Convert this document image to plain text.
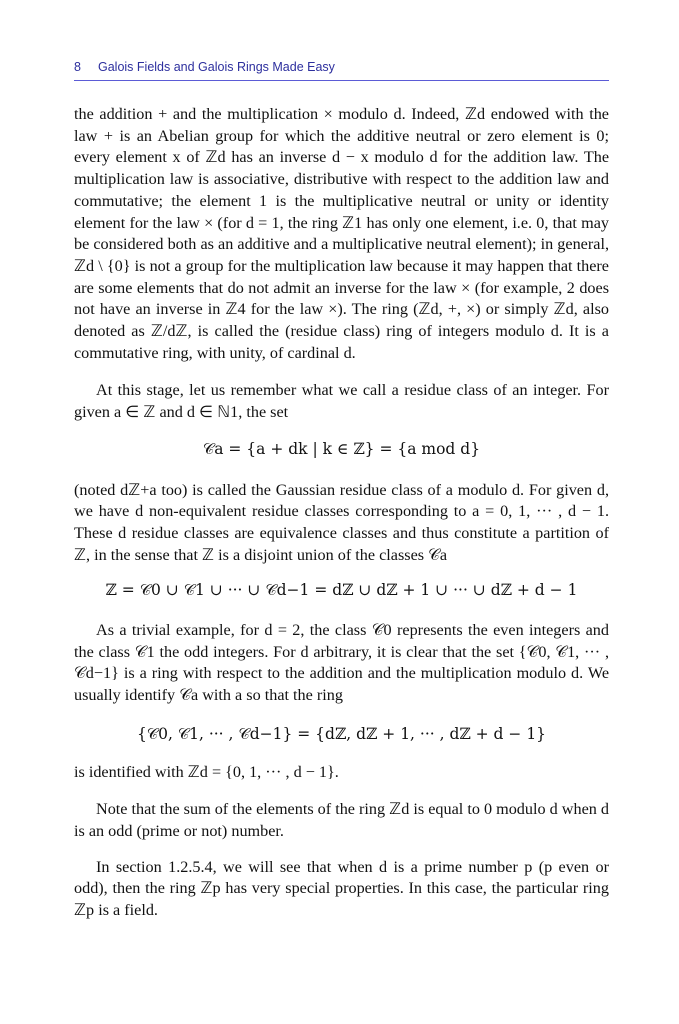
8 Galois Fields and Galois Rings Made Easy

the addition + and the multiplication × modulo d. Indeed, ℤd endowed with the law + is an Abelian group for which the additive neutral or zero element is 0; every element x of ℤd has an inverse d − x modulo d for the addition law. The multiplication law is associative, distributive with respect to the addition law and commutative; the element 1 is the multiplicative neutral or unity or identity element for the law × (for d = 1, the ring ℤ1 has only one element, i.e. 0, that may be considered both as an additive and a multiplicative neutral element); in general, ℤd \ {0} is not a group for the multiplication law because it may happen that there are some elements that do not admit an inverse for the law × (for example, 2 does not have an inverse in ℤ4 for the law ×). The ring (ℤd, +, ×) or simply ℤd, also denoted as ℤ/dℤ, is called the (residue class) ring of integers modulo d. It is a commutative ring, with unity, of cardinal d.

At this stage, let us remember what we call a residue class of an integer. For given a ∈ ℤ and d ∈ ℕ1, the set

𝒞a = {a + dk | k ∈ ℤ} = {a mod d}

(noted dℤ+a too) is called the Gaussian residue class of a modulo d. For given d, we have d non-equivalent residue classes corresponding to a = 0, 1, ··· , d − 1. These d residue classes are equivalence classes and thus constitute a partition of ℤ, in the sense that ℤ is a disjoint union of the classes 𝒞a

ℤ = 𝒞0 ∪ 𝒞1 ∪ ··· ∪ 𝒞d−1 = dℤ ∪ dℤ + 1 ∪ ··· ∪ dℤ + d − 1

As a trivial example, for d = 2, the class 𝒞0 represents the even integers and the class 𝒞1 the odd integers. For d arbitrary, it is clear that the set {𝒞0, 𝒞1, ··· , 𝒞d−1} is a ring with respect to the addition and the multiplication modulo d. We usually identify 𝒞a with a so that the ring

{𝒞0, 𝒞1, ··· , 𝒞d−1} = {dℤ, dℤ + 1, ··· , dℤ + d − 1}

is identified with ℤd = {0, 1, ··· , d − 1}.

Note that the sum of the elements of the ring ℤd is equal to 0 modulo d when d is an odd (prime or not) number.

In section 1.2.5.4, we will see that when d is a prime number p (p even or odd), then the ring ℤp has very special properties. In this case, the particular ring ℤp is a field.
